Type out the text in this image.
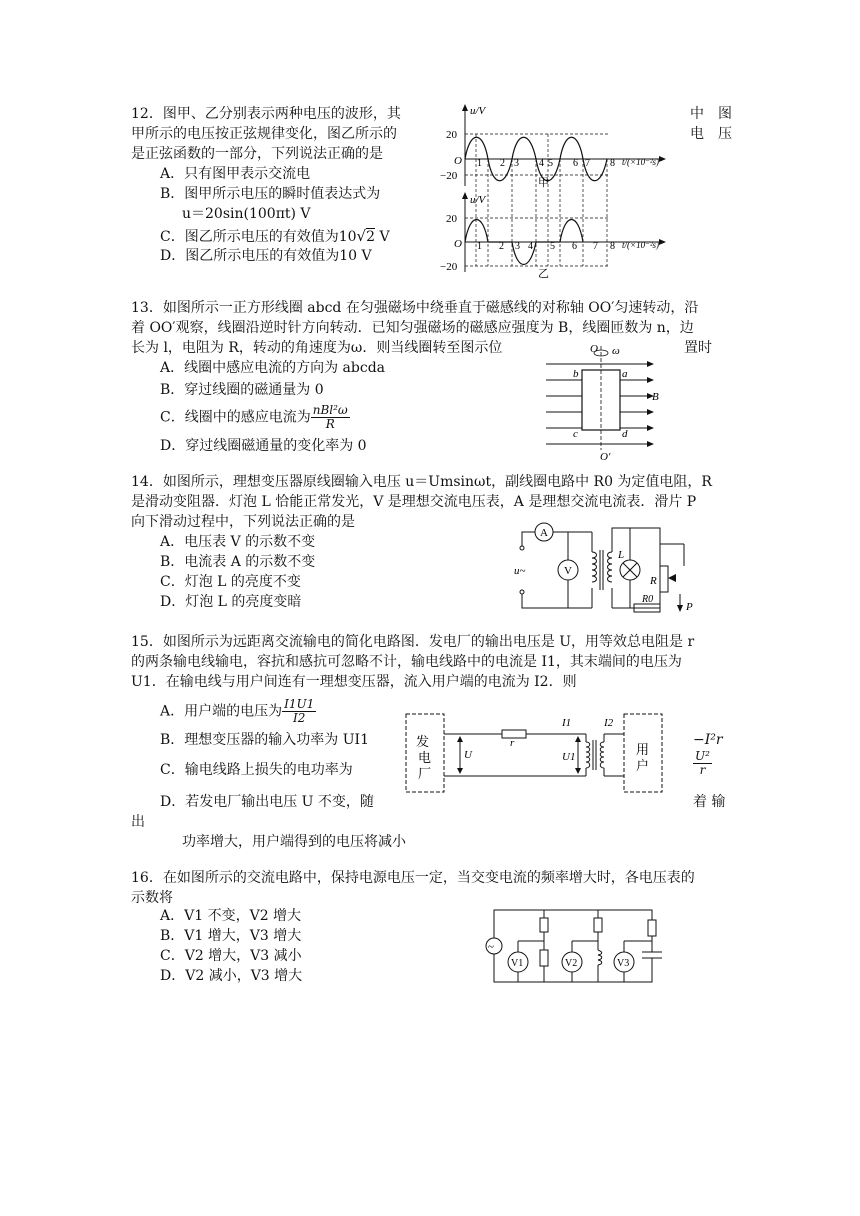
12．图甲、乙分别表示两种电压的波形，其
甲所示的电压按正弦规律变化，图乙所示的
是正弦函数的一部分，下列说法正确的是
A．只有图甲表示交流电
B．图甲所示电压的瞬时值表达式为
u＝20sin(100πt) V
C．图乙所示电压的有效值为10√2 V
D．图乙所示电压的有效值为10 V
中　图
电　压
u/V
20
O
−20
t/(×10⁻²s)
1 2 3 4 5 6 7 8
甲
u/V
20
O
−20
t/(×10⁻²s)
1 2 3 4 5 6 7 8
乙
13．如图所示一正方形线圈 abcd 在匀强磁场中绕垂直于磁感线的对称轴 OO′匀速转动，沿
着 OO′观察，线圈沿逆时针方向转动．已知匀强磁场的磁感应强度为 B，线圈匝数为 n，边
长为 l，电阻为 R，转动的角速度为ω．则当线圈转至图示位	置时
A．线圈中感应电流的方向为 abcda
B．穿过线圈的磁通量为 0
C．线圈中的感应电流为 $\frac{\text{nBl²ω}}{R}$
D．穿过线圈磁通量的变化率为 0
O ω
O′
B
b	a
c	d
14．如图所示，理想变压器原线圈输入电压 u＝Umsinωt，副线圈电路中 R0 为定值电阻，R
是滑动变阻器．灯泡 L 恰能正常发光，V 是理想交流电压表，A 是理想交流电流表．滑片 P
向下滑动过程中，下列说法正确的是
A．电压表 V 的示数不变
B．电流表 A 的示数不变
C．灯泡 L 的亮度不变
D．灯泡 L 的亮度变暗
A
V
u~
L
R
R0
P
15．如图所示为远距离交流输电的简化电路图．发电厂的输出电压是 U，用等效总电阻是 r
的两条输电线输电，容抗和感抗可忽略不计，输电线路中的电流是 I1，其末端间的电压为
U1．在输电线与用户间连有一理想变压器，流入用户端的电流为 I2．则
A．用户端的电压为 $\frac{I1U1}{I2}$
B．理想变压器的输入功率为 UI1	−I²r
C．输电线路上损失的电功率为	$\frac{\text{U²}}{r}$
D．若发电厂输出电压 U 不变，随	着 输
出
功率增大，用户端得到的电压将减小
发
电
厂
用
户
U
r
I1	I2
U1
16．在如图所示的交流电路中，保持电源电压一定，当交变电流的频率增大时，各电压表的
示数将
A．V1 不变，V2 增大
B．V1 增大，V3 增大
C．V2 增大，V3 减小
D．V2 减小，V3 增大
~
V1	V2	V3
